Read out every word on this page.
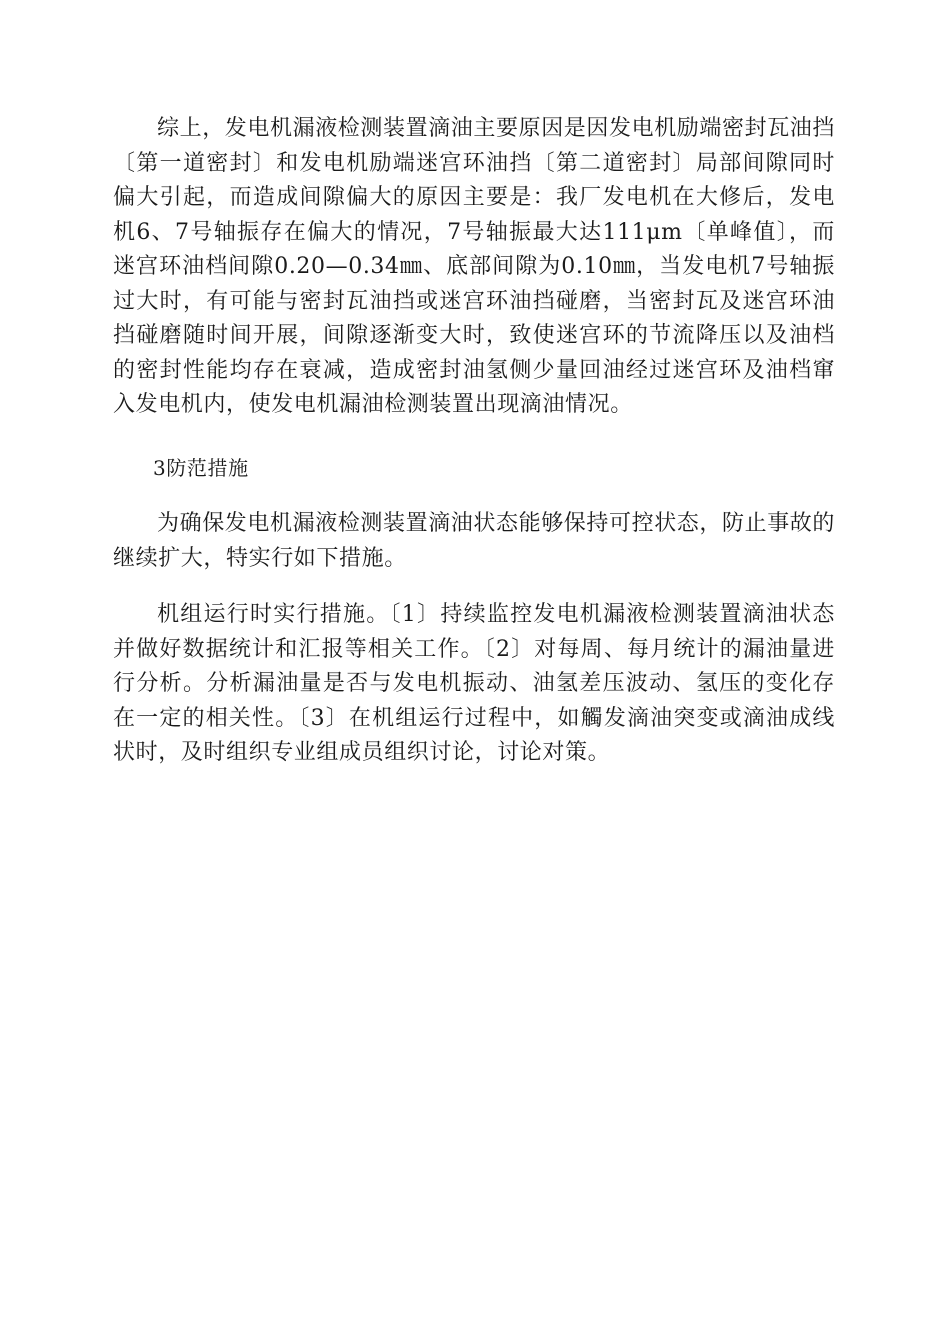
综上，发电机漏液检测装置滴油主要原因是因发电机励端密封瓦油挡〔第一道密封〕和发电机励端迷宫环油挡〔第二道密封〕局部间隙同时偏大引起，而造成间隙偏大的原因主要是：我厂发电机在大修后，发电机6、7号轴振存在偏大的情况，7号轴振最大达111μm〔单峰值〕，而迷宫环油档间隙0.20—0.34㎜、底部间隙为0.10㎜，当发电机7号轴振过大时，有可能与密封瓦油挡或迷宫环油挡碰磨，当密封瓦及迷宫环油挡碰磨随时间开展，间隙逐渐变大时，致使迷宫环的节流降压以及油档的密封性能均存在衰减，造成密封油氢侧少量回油经过迷宫环及油档窜入发电机内，使发电机漏油检测装置出现滴油情况。

3防范措施

为确保发电机漏液检测装置滴油状态能够保持可控状态，防止事故的继续扩大，特实行如下措施。

机组运行时实行措施。〔1〕持续监控发电机漏液检测装置滴油状态并做好数据统计和汇报等相关工作。〔2〕对每周、每月统计的漏油量进行分析。分析漏油量是否与发电机振动、油氢差压波动、氢压的变化存在一定的相关性。〔3〕在机组运行过程中，如觸发滴油突变或滴油成线状时，及时组织专业组成员组织讨论，讨论对策。
